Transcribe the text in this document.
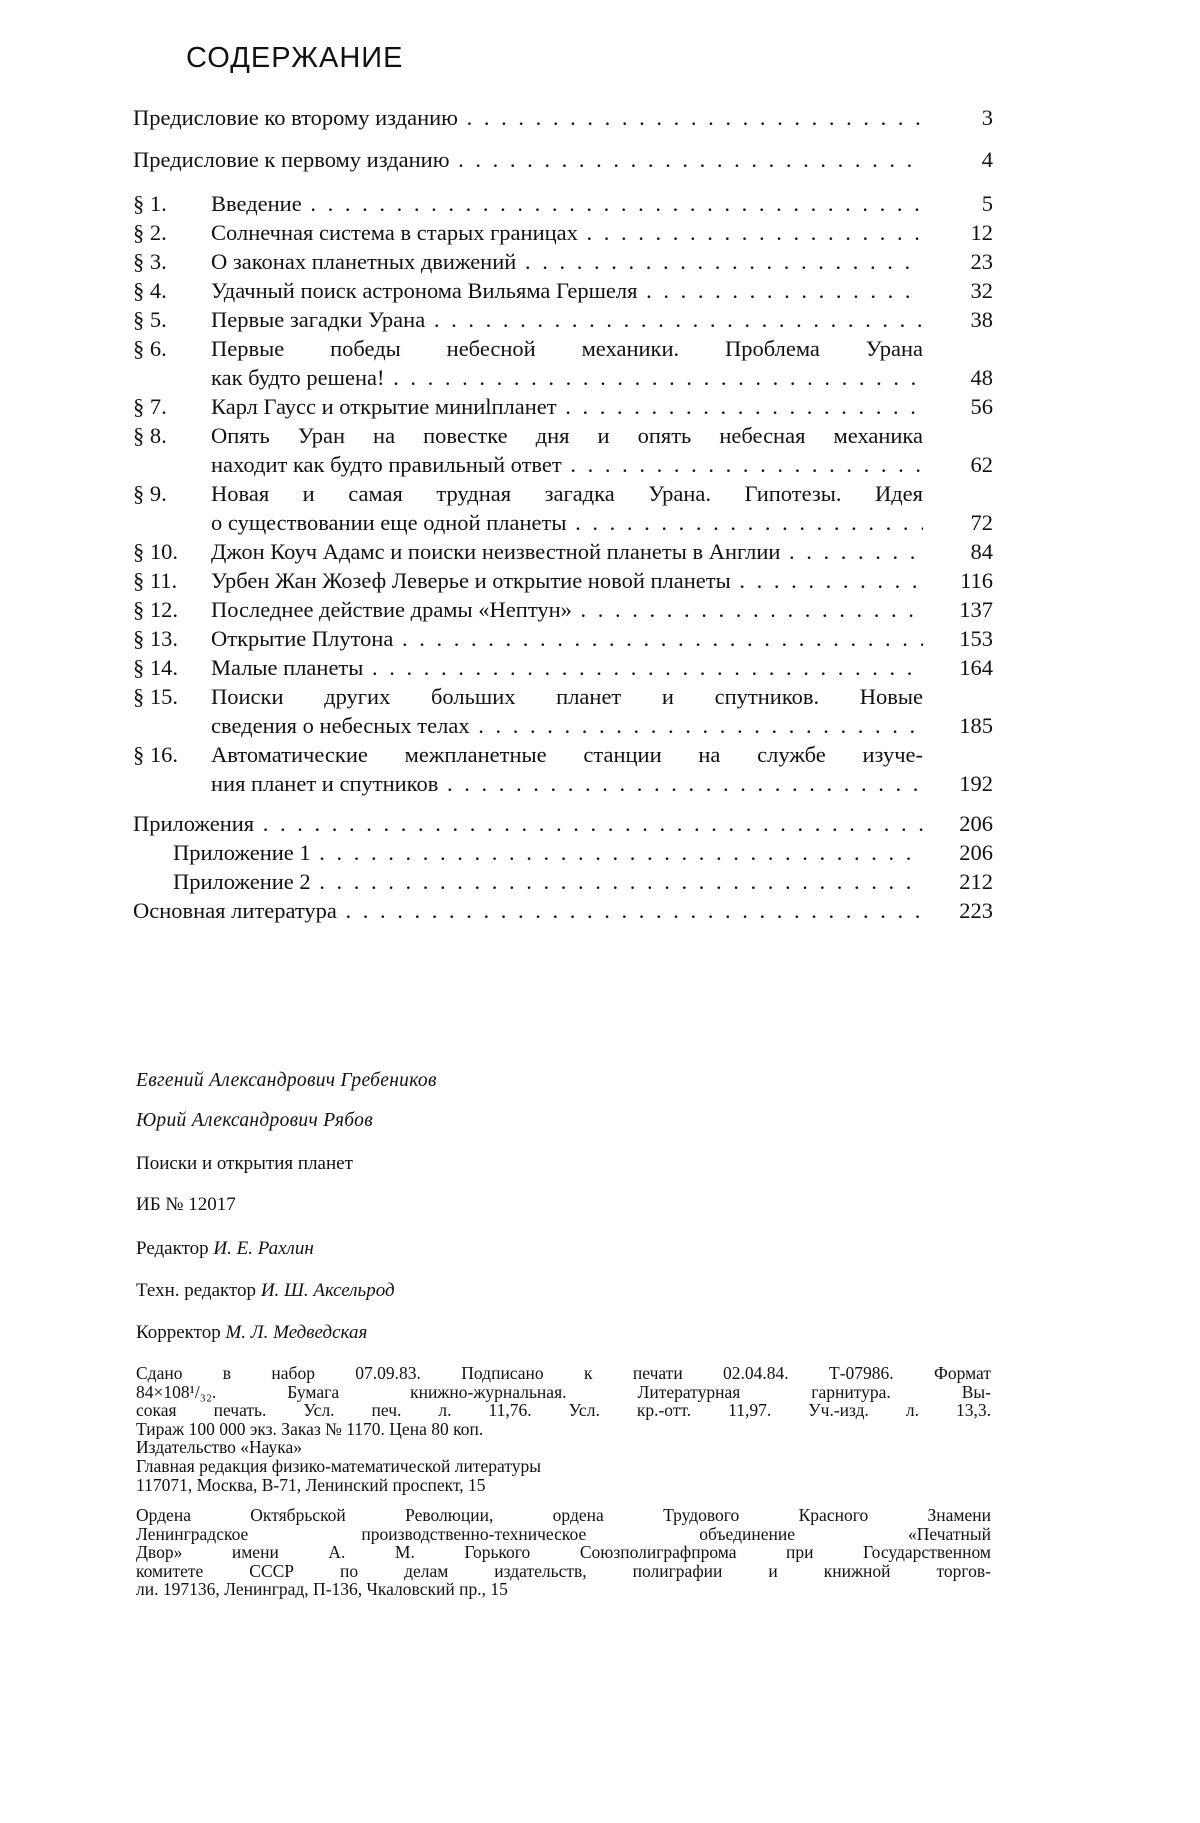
СОДЕРЖАНИЕ
Предисловие ко второму изданию . . .	3
Предисловие к первому изданию . . .	4
§ 1. Введение . . .	5
§ 2. Солнечная система в старых границах . . .	12
§ 3. О законах планетных движений . . .	23
§ 4. Удачный поиск астронома Вильяма Гершеля . . .	32
§ 5. Первые загадки Урана . . .	38
§ 6. Первые победы небесной механики. Проблема Урана
как будто решена! . . .	48
§ 7. Карл Гаусс и открытие миниlпланет . . .	56
§ 8. Опять Уран на повестке дня и опять небесная механика
находит как будто правильный ответ . . .	62
§ 9. Новая и самая трудная загадка Урана. Гипотезы. Идея
о существовании еще одной планеты . . .	72
§ 10. Джон Коуч Адамс и поиски неизвестной планеты в Англии . . .	84
§ 11. Урбен Жан Жозеф Леверье и открытие новой планеты . . .	116
§ 12. Последнее действие драмы «Нептун» . . .	137
§ 13. Открытие Плутона . . .	153
§ 14. Малые планеты . . .	164
§ 15. Поиски других больших планет и спутников. Новые
сведения о небесных телах . . .	185
§ 16. Автоматические межпланетные станции на службе изуче-
ния планет и спутников . . .	192
Приложения . . .	206
Приложение 1 . . .	206
Приложение 2 . . .	212
Основная литература . . .	223
Евгений Александрович Гребеников
Юрий Александрович Рябов
Поиски и открытия планет
ИБ № 12017
Редактор И. Е. Рахлин
Техн. редактор И. Ш. Аксельрод
Корректор М. Л. Медведская
Сдано в набор 07.09.83. Подписано к печати 02.04.84. Т-07986. Формат
84×108¹/₃₂. Бумага книжно-журнальная. Литературная гарнитура. Вы-
сокая печать. Усл. печ. л. 11,76. Усл. кр.-отт. 11,97. Уч.-изд. л. 13,3.
Тираж 100 000 экз. Заказ № 1170. Цена 80 коп.
Издательство «Наука»
Главная редакция физико-математической литературы
117071, Москва, В-71, Ленинский проспект, 15
Ордена Октябрьской Революции, ордена Трудового Красного Знамени
Ленинградское производственно-техническое объединение «Печатный
Двор» имени А. М. Горького Союзполиграфпрома при Государственном
комитете СССР по делам издательств, полиграфии и книжной торгов-
ли. 197136, Ленинград, П-136, Чкаловский пр., 15
